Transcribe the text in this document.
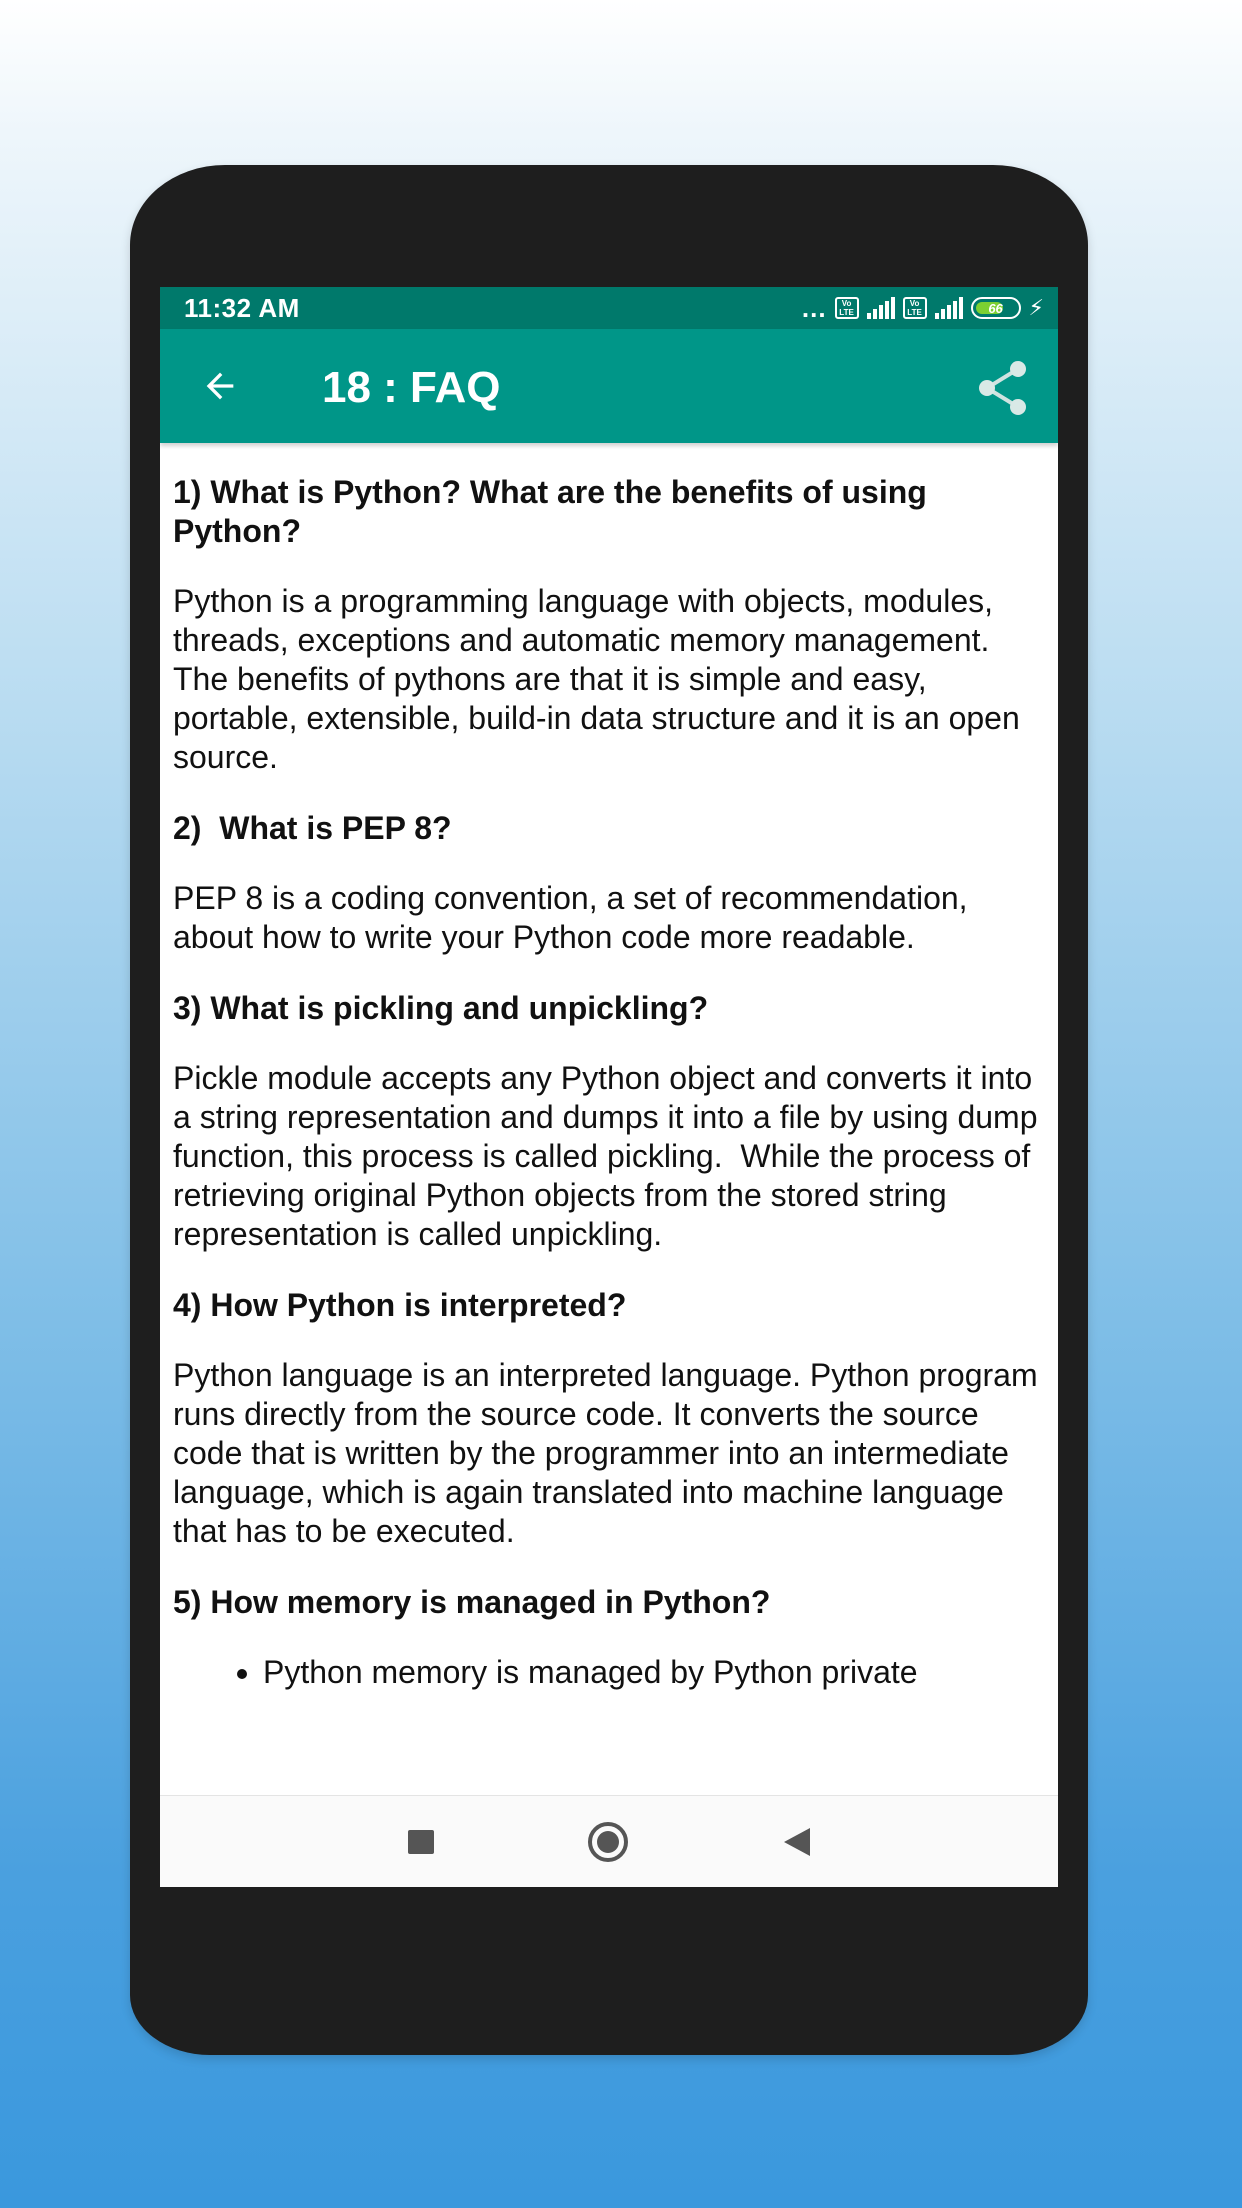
11:32 AM	...	Vo LTE
Vo LTE	66 ⚡
18 : FAQ

1) What is Python? What are the benefits of using Python?

Python is a programming language with objects, modules, threads, exceptions and automatic memory management. The benefits of pythons are that it is simple and easy, portable, extensible, build-in data structure and it is an open source.

2)  What is PEP 8?

PEP 8 is a coding convention, a set of recommendation, about how to write your Python code more readable.

3) What is pickling and unpickling?

Pickle module accepts any Python object and converts it into a string representation and dumps it into a file by using dump function, this process is called pickling.  While the process of retrieving original Python objects from the stored string representation is called unpickling.

4) How Python is interpreted?

Python language is an interpreted language. Python program runs directly from the source code. It converts the source code that is written by the programmer into an intermediate language, which is again translated into machine language that has to be executed.

5) How memory is managed in Python?

• Python memory is managed by Python private
